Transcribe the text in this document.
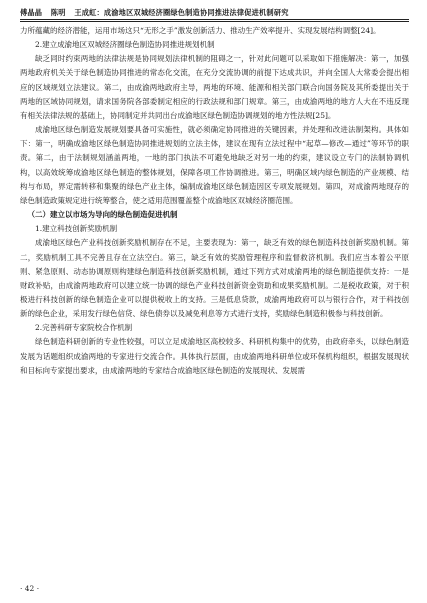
傅晶晶 陈明 王成虹：成渝地区双城经济圈绿色制造协同推进法律促进机制研究

力所蕴藏的经济潜能，运用市场这只“无形之手”激发创新活力、推动生产效率提升、实现发展结构调整[24]。

2.建立成渝地区双城经济圈绿色制造协同推进规划机制

缺乏同时约束两地的法律法规是协同规划法律机制的阻碍之一，针对此问题可以采取如下措施解决：第一，加强两地政府机关关于绿色制造协同推进的常态化交流，在充分交流协调的前提下达成共识，并向全国人大常委会提出相应的区域规划立法建议。第二，由成渝两地政府主导，两地的环境、能源和相关部门联合向国务院及其所委提出关于两地的区域协同规划，请求国务院各部委制定相应的行政法规和部门规章。第三，由成渝两地的地方人大在不违反现有相关法律法规的基础上，协同制定并共同出台成渝地区绿色制造协调规划的地方性法规[25]。

成渝地区绿色制造发展规划要具备可实施性，就必须确定协同推进的关键因素，并处理和改进法制架构。具体如下：第一，明确成渝地区绿色制造协同推进规划的立法主体，建议在现有立法过程中“起草—修改—通过”等环节的职责。第二，由于法制规划涵盖两地，一地的部门执法不可避免地缺乏对另一地的约束，建议设立专门的法制协调机构，以高效统筹成渝地区绿色制造的整体规划，保障各项工作协调推进。第三，明确区域内绿色制造的产业规模、结构与布局，界定需转移和集聚的绿色产业主体，编制成渝地区绿色制造因区专项发展规划。第四，对成渝两地现存的绿色制造政策规定进行统筹整合，使之适用范围覆盖整个成渝地区双城经济圈范围。

（二）建立以市场为导向的绿色制造促进机制

1.建立科技创新奖励机制

成渝地区绿色产业科技创新奖励机制存在不足，主要表现为：第一，缺乏有效的绿色制造科技创新奖励机制。第二，奖励机制工具不完善且存在立法空白。第三，缺乏有效的奖励管理程序和监督救济机制。我们应当本着公平原则、紧急原则、动态协调原则构建绿色制造科技创新奖励机制，通过下列方式对成渝两地的绿色制造提供支持：一是财政补贴，由成渝两地政府可以建立统一协调的绿色产业科技创新资金资助和成果奖励机制。二是税收政策，对于积极进行科技创新的绿色制造企业可以提供税收上的支持。三是低息贷款，成渝两地政府可以与银行合作，对于科技创新的绿色企业，采用发行绿色信贷、绿色债券以及减免利息等方式进行支持，奖励绿色制造积极参与科技创新。

2.完善科研专家院校合作机制

绿色制造科研创新的专业性较强，可以立足成渝地区高校较多、科研机构集中的优势，由政府牵头，以绿色制造发展为话题组织成渝两地的专家进行交流合作。具体执行层面，由成渝两地科研单位或环保机构组织，根据发展现状和目标向专家提出要求，由成渝两地的专家结合成渝地区绿色制造的发展现状、发展需

· 42 ·
